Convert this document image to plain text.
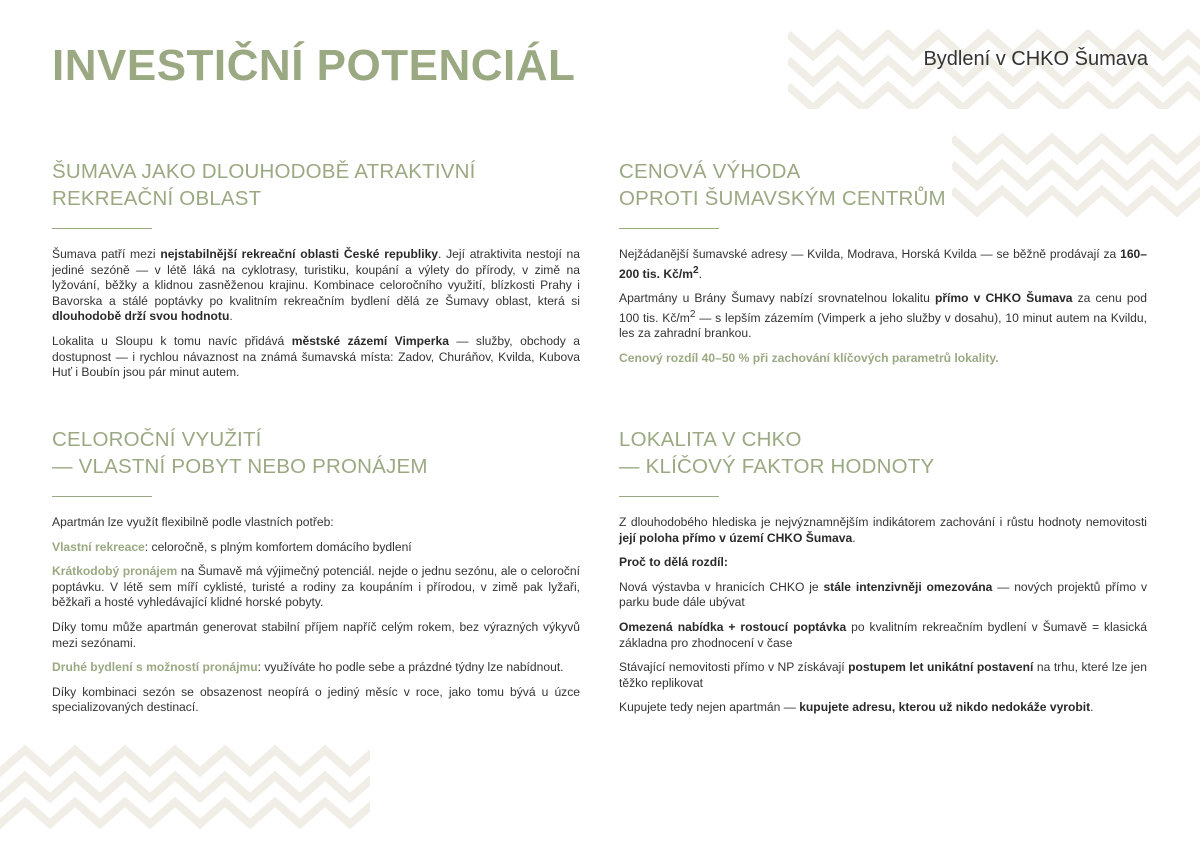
INVESTIČNÍ POTENCIÁL	Bydlení v CHKO Šumava
ŠUMAVA JAKO DLOUHODOBĚ ATRAKTIVNÍ
REKREAČNÍ OBLAST

Šumava patří mezi nejstabilnější rekreační oblasti České republiky. Její atraktivita nestojí na jediné sezóně — v létě láká na cyklotrasy, turistiku, koupání a výlety do přírody, v zimě na lyžování, běžky a klidnou zasněženou krajinu. Kombinace celoročního využití, blízkosti Prahy i Bavorska a stálé poptávky po kvalitním rekreačním bydlení dělá ze Šumavy oblast, která si dlouhodobě drží svou hodnotu.

Lokalita u Sloupu k tomu navíc přidává městské zázemí Vimperka — služby, obchody a dostupnost — i rychlou návaznost na známá šumavská místa: Zadov, Churáňov, Kvilda, Kubova Huť i Boubín jsou pár minut autem.

CENOVÁ VÝHODA
OPROTI ŠUMAVSKÝM CENTRŮM

Nejžádanější šumavské adresy — Kvilda, Modrava, Horská Kvilda — se běžně prodávají za 160–200 tis. $Kč/m^2$.

Apartmány u Brány Šumavy nabízí srovnatelnou lokalitu přímo v CHKO Šumava za cenu pod 100 tis. $Kč/m^2$ — s lepším zázemím (Vimperk a jeho služby v dosahu), 10 minut autem na Kvildu, les za zahradní brankou.

Cenový rozdíl 40–50 % při zachování klíčových parametrů lokality.

CELOROČNÍ VYUŽITÍ
— VLASTNÍ POBYT NEBO PRONÁJEM

Apartmán lze využít flexibilně podle vlastních potřeb:

Vlastní rekreace: celoročně, s plným komfortem domácího bydlení

Krátkodobý pronájem na Šumavě má výjimečný potenciál. nejde o jednu sezónu, ale o celoroční poptávku. V létě sem míří cyklisté, turisté a rodiny za koupáním i přírodou, v zimě pak lyžaři, běžkaři a hosté vyhledávající klidné horské pobyty.

Díky tomu může apartmán generovat stabilní příjem napříč celým rokem, bez výrazných výkyvů mezi sezónami.

Druhé bydlení s možností pronájmu: využíváte ho podle sebe a prázdné týdny lze nabídnout.

Díky kombinaci sezón se obsazenost neopírá o jediný měsíc v roce, jako tomu bývá u úzce specializovaných destinací.

LOKALITA V CHKO
— KLÍČOVÝ FAKTOR HODNOTY

Z dlouhodobého hlediska je nejvýznamnějším indikátorem zachování i růstu hodnoty nemovitosti její poloha přímo v území CHKO Šumava.

Proč to dělá rozdíl:

Nová výstavba v hranicích CHKO je stále intenzivněji omezována — nových projektů přímo v parku bude dále ubývat

Omezená nabídka + rostoucí poptávka po kvalitním rekreačním bydlení v Šumavě = klasická základna pro zhodnocení v čase

Stávající nemovitosti přímo v NP získávají postupem let unikátní postavení na trhu, které lze jen těžko replikovat

Kupujete tedy nejen apartmán — kupujete adresu, kterou už nikdo nedokáže vyrobit.
